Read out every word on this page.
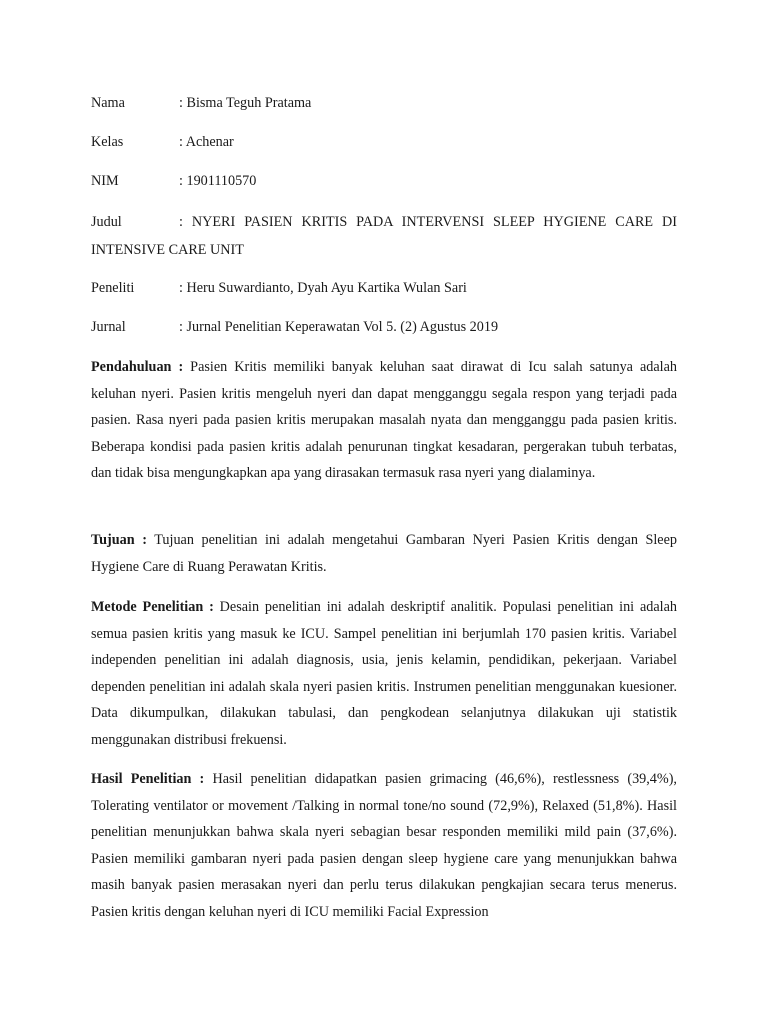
Nama	: Bisma Teguh Pratama
Kelas	: Achenar
NIM	: 1901110570
Judul	: NYERI PASIEN KRITIS PADA INTERVENSI SLEEP HYGIENE CARE DI
INTENSIVE CARE UNIT
Peneliti	: Heru Suwardianto, Dyah Ayu Kartika Wulan Sari
Jurnal	: Jurnal Penelitian Keperawatan Vol 5. (2) Agustus 2019

Pendahuluan : Pasien Kritis memiliki banyak keluhan saat dirawat di Icu salah satunya adalah keluhan nyeri. Pasien kritis mengeluh nyeri dan dapat mengganggu segala respon yang terjadi pada pasien. Rasa nyeri pada pasien kritis merupakan masalah nyata dan mengganggu pada pasien kritis. Beberapa kondisi pada pasien kritis adalah penurunan tingkat kesadaran, pergerakan tubuh terbatas, dan tidak bisa mengungkapkan apa yang dirasakan termasuk rasa nyeri yang dialaminya.

Tujuan : Tujuan penelitian ini adalah mengetahui Gambaran Nyeri Pasien Kritis dengan Sleep Hygiene Care di Ruang Perawatan Kritis.

Metode Penelitian : Desain penelitian ini adalah deskriptif analitik. Populasi penelitian ini adalah semua pasien kritis yang masuk ke ICU. Sampel penelitian ini berjumlah 170 pasien kritis. Variabel independen penelitian ini adalah diagnosis, usia, jenis kelamin, pendidikan, pekerjaan. Variabel dependen penelitian ini adalah skala nyeri pasien kritis. Instrumen penelitian menggunakan kuesioner. Data dikumpulkan, dilakukan tabulasi, dan pengkodean selanjutnya dilakukan uji statistik menggunakan distribusi frekuensi.

Hasil Penelitian : Hasil penelitian didapatkan pasien grimacing (46,6%), restlessness (39,4%), Tolerating ventilator or movement /Talking in normal tone/no sound (72,9%), Relaxed (51,8%). Hasil penelitian menunjukkan bahwa skala nyeri sebagian besar responden memiliki mild pain (37,6%). Pasien memiliki gambaran nyeri pada pasien dengan sleep hygiene care yang menunjukkan bahwa masih banyak pasien merasakan nyeri dan perlu terus dilakukan pengkajian secara terus menerus. Pasien kritis dengan keluhan nyeri di ICU memiliki Facial Expression
